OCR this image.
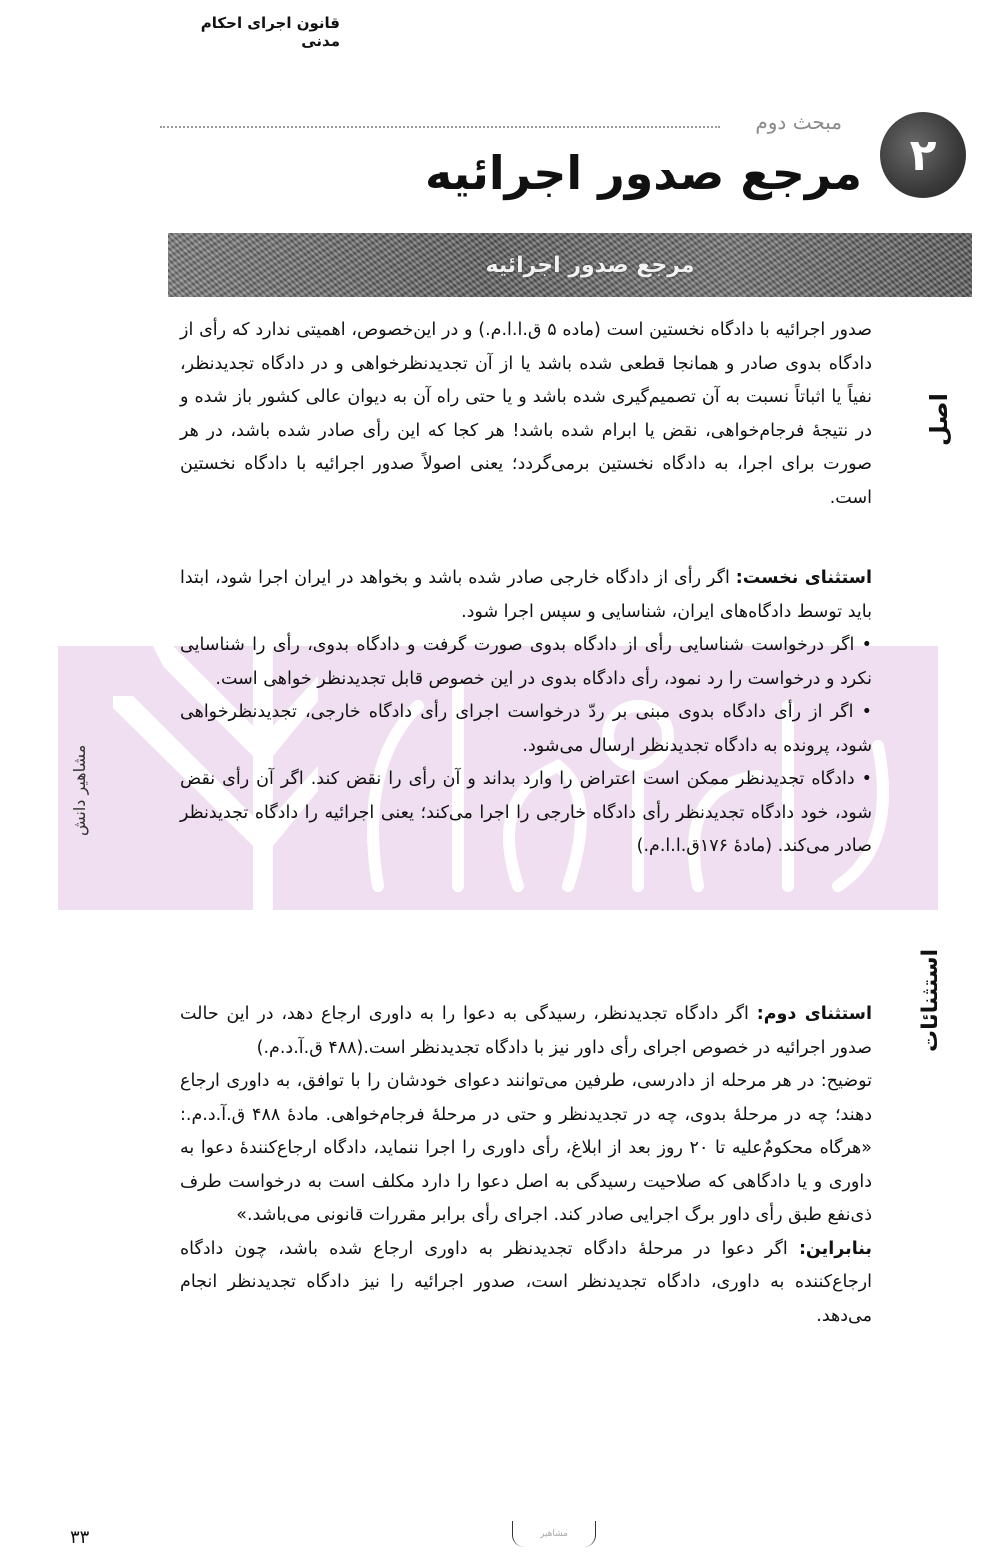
قانون اجرای احکام مدنی
مبحث دوم
۲
مرجع صدور اجرائیه
مرجع صدور اجرائیه
مشاهیر دانش
اصل
استثنائات

صدور اجرائیه با دادگاه نخستین است (ماده ۵ ق.ا.ا.م.) و در این‌خصوص، اهمیتی ندارد که رأی از دادگاه بدوی صادر و همانجا قطعی شده باشد یا از آن تجدیدنظرخواهی و در دادگاه تجدیدنظر، نفیاً یا اثباتاً نسبت به آن تصمیم‌گیری شده باشد و یا حتی راه آن به دیوان عالی کشور باز شده و در نتیجهٔ فرجام‌خواهی، نقض یا ابرام شده باشد! هر کجا که این رأی صادر شده باشد، در هر صورت برای اجرا، به دادگاه نخستین برمی‌گردد؛ یعنی اصولاً صدور اجرائیه با دادگاه نخستین است.

استثنای نخست: اگر رأی از دادگاه خارجی صادر شده باشد و بخواهد در ایران اجرا شود، ابتدا باید توسط دادگاه‌های ایران، شناسایی و سپس اجرا شود.

• اگر درخواست شناسایی رأی از دادگاه بدوی صورت گرفت و دادگاه بدوی، رأی را شناسایی نکرد و درخواست را رد نمود، رأی دادگاه بدوی در این خصوص قابل تجدیدنظر خواهی است.

• اگر از رأی دادگاه بدوی مبنی بر ردّ درخواست اجرای رأی دادگاه خارجی، تجدیدنظرخواهی شود، پرونده به دادگاه تجدیدنظر ارسال می‌شود.

• دادگاه تجدیدنظر ممکن است اعتراض را وارد بداند و آن رأی را نقض کند. اگر آن رأی نقض شود، خود دادگاه تجدیدنظر رأی دادگاه خارجی را اجرا می‌کند؛ یعنی اجرائیه را دادگاه تجدیدنظر صادر می‌کند. (مادهٔ ۱۷۶ق.ا.ا.م.)

استثنای دوم: اگر دادگاه تجدیدنظر، رسیدگی به دعوا را به داوری ارجاع دهد، در این حالت صدور اجرائیه در خصوص اجرای رأی داور نیز با دادگاه تجدیدنظر است.(۴۸۸ ق.آ.د.م.)

توضیح: در هر مرحله از دادرسی، طرفین می‌توانند دعوای خودشان را با توافق، به داوری ارجاع دهند؛ چه در مرحلهٔ بدوی، چه در تجدیدنظر و حتی در مرحلهٔ فرجام‌خواهی. مادهٔ ۴۸۸ ق.آ.د.م.: «هرگاه محکومٌ‌علیه تا ۲۰ روز بعد از ابلاغ، رأی داوری را اجرا ننماید، دادگاه ارجاع‌کنندهٔ دعوا به داوری و یا دادگاهی که صلاحیت رسیدگی به اصل دعوا را دارد مکلف است به درخواست طرف ذی‌نفع طبق رأی داور برگ اجرایی صادر کند. اجرای رأی برابر مقررات قانونی می‌باشد.»

بنابراین: اگر دعوا در مرحلهٔ دادگاه تجدیدنظر به داوری ارجاع شده باشد، چون دادگاه ارجاع‌کننده به داوری، دادگاه تجدیدنظر است، صدور اجرائیه را نیز دادگاه تجدیدنظر انجام می‌دهد.

۳۳	مشاهیر
